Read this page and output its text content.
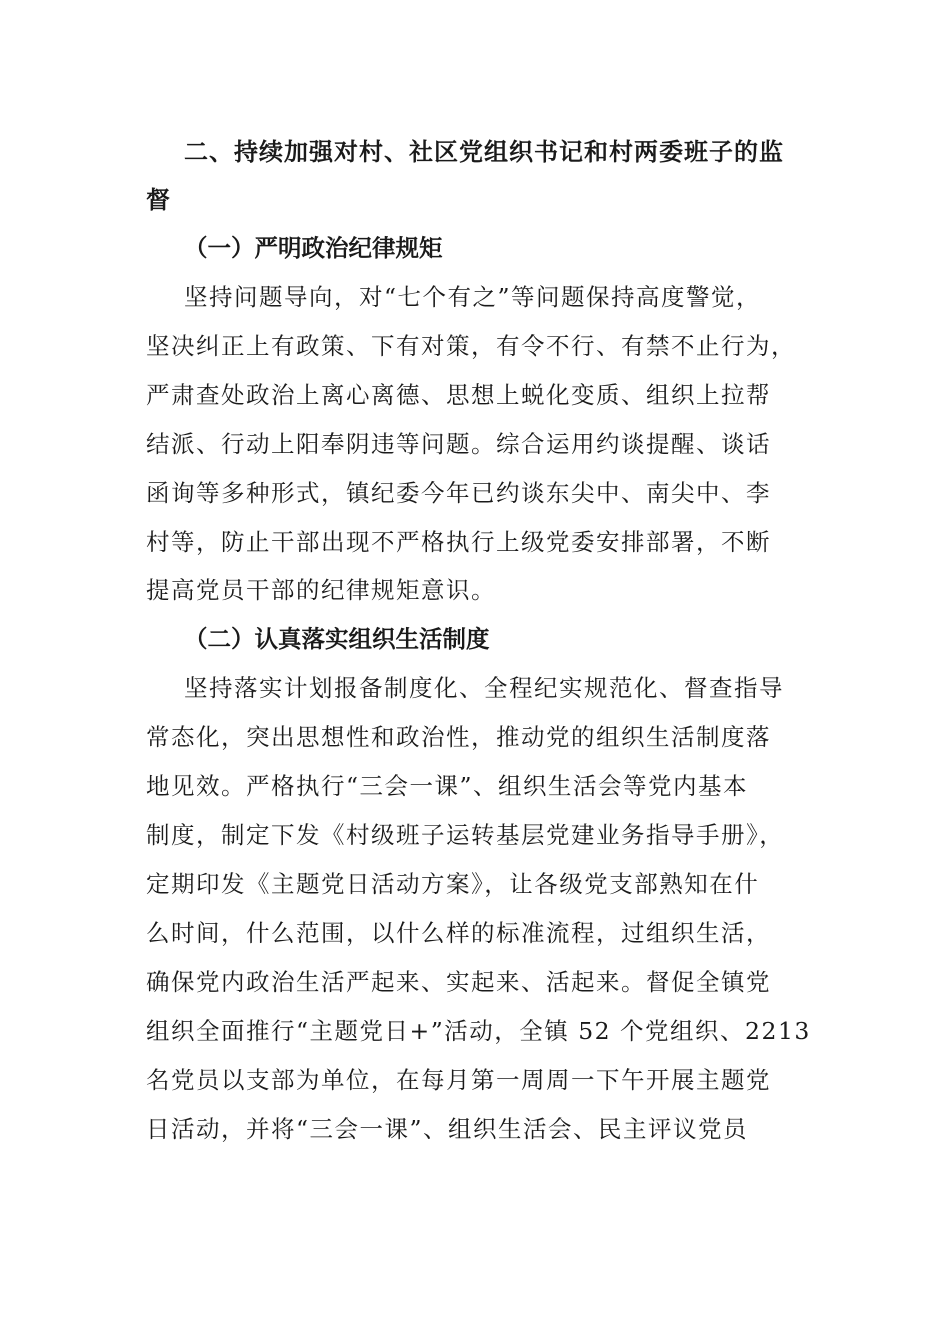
二、持续加强对村、社区党组织书记和村两委班子的监督
（一）严明政治纪律规矩
坚持问题导向，对“七个有之”等问题保持高度警觉，
坚决纠正上有政策、下有对策，有令不行、有禁不止行为，
严肃查处政治上离心离德、思想上蜕化变质、组织上拉帮
结派、行动上阳奉阴违等问题。综合运用约谈提醒、谈话
函询等多种形式，镇纪委今年已约谈东尖中、南尖中、李
村等，防止干部出现不严格执行上级党委安排部署，不断
提高党员干部的纪律规矩意识。
（二）认真落实组织生活制度
坚持落实计划报备制度化、全程纪实规范化、督查指导
常态化，突出思想性和政治性，推动党的组织生活制度落
地见效。严格执行“三会一课”、组织生活会等党内基本
制度，制定下发《村级班子运转基层党建业务指导手册》，
定期印发《主题党日活动方案》，让各级党支部熟知在什
么时间，什么范围，以什么样的标准流程，过组织生活，
确保党内政治生活严起来、实起来、活起来。督促全镇党
组织全面推行“主题党日+”活动，全镇 52 个党组织、2213
名党员以支部为单位，在每月第一周周一下午开展主题党
日活动，并将“三会一课”、组织生活会、民主评议党员
